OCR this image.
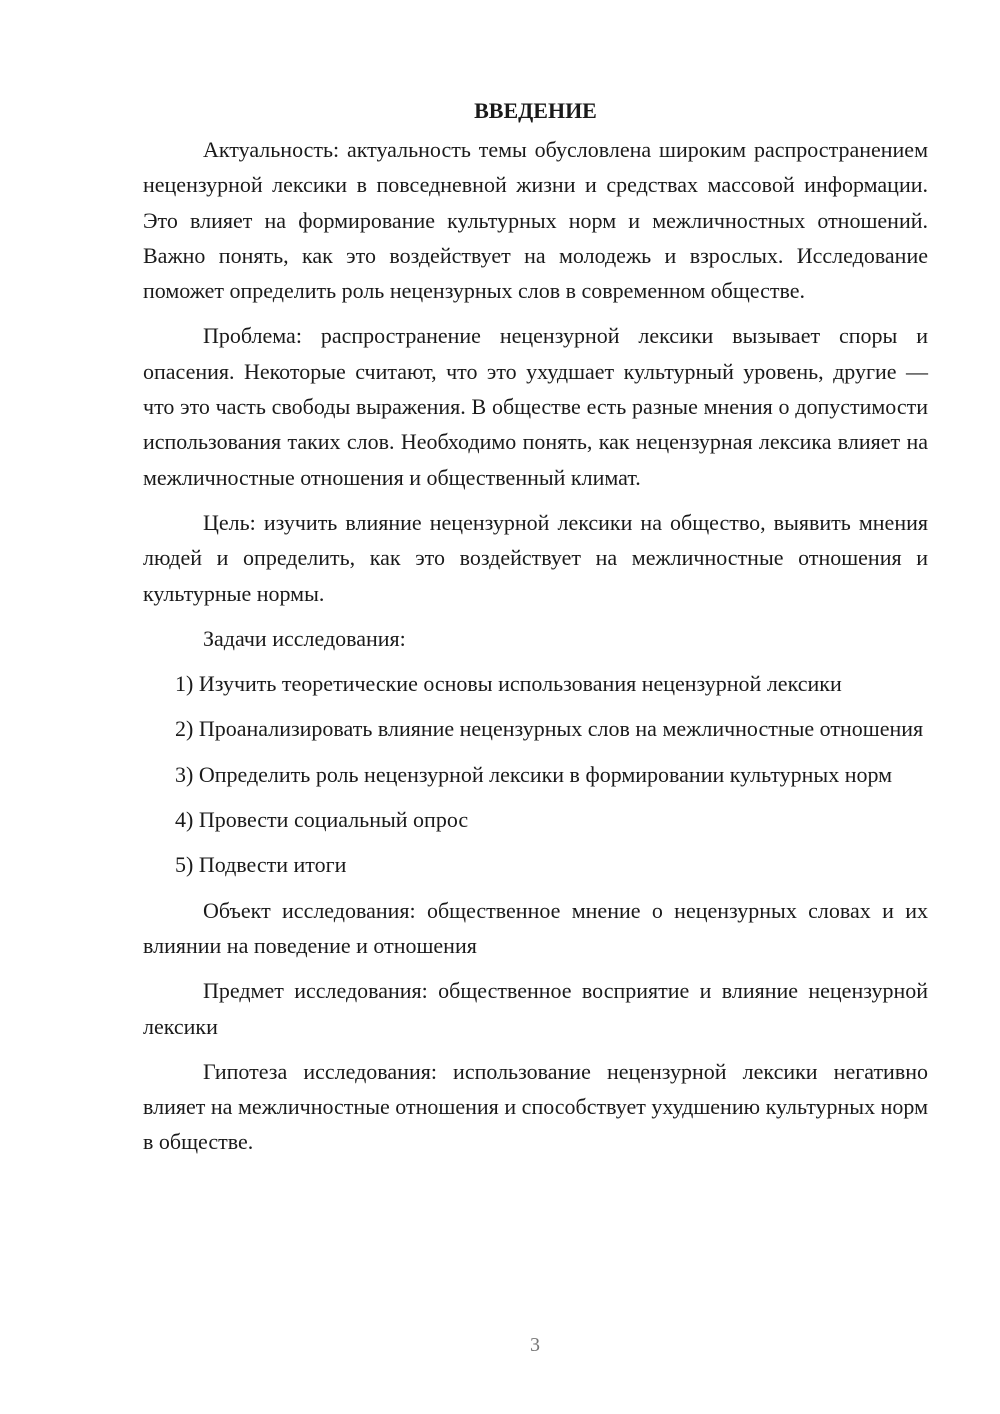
ВВЕДЕНИЕ

Актуальность: актуальность темы обусловлена широким распространением нецензурной лексики в повседневной жизни и средствах массовой информации. Это влияет на формирование культурных норм и межличностных отношений. Важно понять, как это воздействует на молодежь и взрослых. Исследование поможет определить роль нецензурных слов в современном обществе.

Проблема: распространение нецензурной лексики вызывает споры и опасения. Некоторые считают, что это ухудшает культурный уровень, другие — что это часть свободы выражения. В обществе есть разные мнения о допустимости использования таких слов. Необходимо понять, как нецензурная лексика влияет на межличностные отношения и общественный климат.

Цель: изучить влияние нецензурной лексики на общество, выявить мнения людей и определить, как это воздействует на межличностные отношения и культурные нормы.

Задачи исследования:

1) Изучить теоретические основы использования нецензурной лексики

2) Проанализировать влияние нецензурных слов на межличностные отношения

3) Определить роль нецензурной лексики в формировании культурных норм

4) Провести социальный опрос

5) Подвести итоги

Объект исследования: общественное мнение о нецензурных словах и их влиянии на поведение и отношения

Предмет исследования: общественное восприятие и влияние нецензурной лексики

Гипотеза исследования: использование нецензурной лексики негативно влияет на межличностные отношения и способствует ухудшению культурных норм в обществе.

3
